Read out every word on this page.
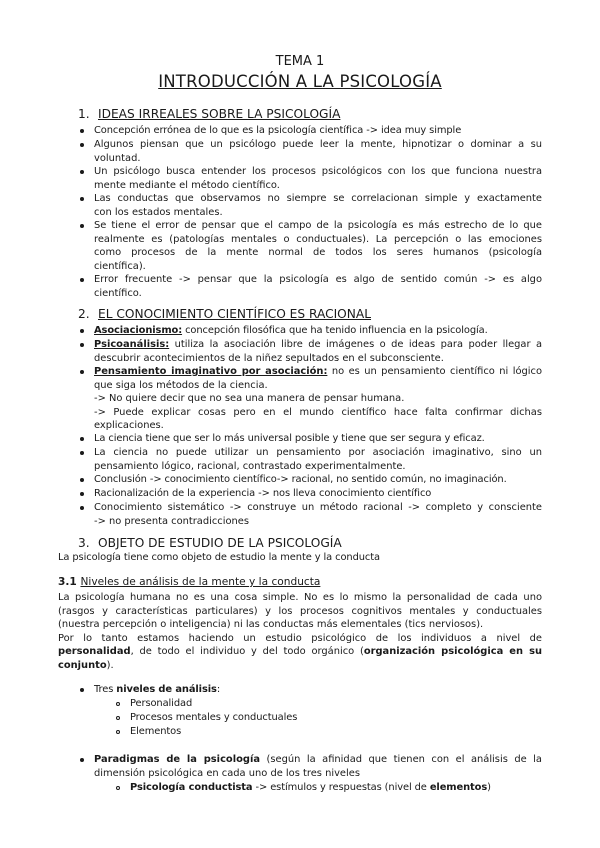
TEMA 1
INTRODUCCIÓN A LA PSICOLOGÍA
1. IDEAS IRREALES SOBRE LA PSICOLOGÍA
Concepción errónea de lo que es la psicología científica -> idea muy simple
Algunos piensan que un psicólogo puede leer la mente, hipnotizar o dominar a su
voluntad.
Un psicólogo busca entender los procesos psicológicos con los que funciona nuestra
mente mediante el método científico.
Las conductas que observamos no siempre se correlacionan simple y exactamente
con los estados mentales.
Se tiene el error de pensar que el campo de la psicología es más estrecho de lo que
realmente es (patologías mentales o conductuales). La percepción o las emociones
como procesos de la mente normal de todos los seres humanos (psicología
científica).
Error frecuente -> pensar que la psicología es algo de sentido común -> es algo
científico.
2. EL CONOCIMIENTO CIENTÍFICO ES RACIONAL
Asociacionismo: concepción filosófica que ha tenido influencia en la psicología.
Psicoanálisis: utiliza la asociación libre de imágenes o de ideas para poder llegar a
descubrir acontecimientos de la niñez sepultados en el subconsciente.
Pensamiento imaginativo por asociación: no es un pensamiento científico ni lógico
que siga los métodos de la ciencia.
-> No quiere decir que no sea una manera de pensar humana.
-> Puede explicar cosas pero en el mundo científico hace falta confirmar dichas
explicaciones.
La ciencia tiene que ser lo más universal posible y tiene que ser segura y eficaz.
La ciencia no puede utilizar un pensamiento por asociación imaginativo, sino un
pensamiento lógico, racional, contrastado experimentalmente.
Conclusión -> conocimiento científico-> racional, no sentido común, no imaginación.
Racionalización de la experiencia -> nos lleva conocimiento científico
Conocimiento sistemático -> construye un método racional -> completo y consciente
-> no presenta contradicciones
3. OBJETO DE ESTUDIO DE LA PSICOLOGÍA
La psicología tiene como objeto de estudio la mente y la conducta
3.1 Niveles de análisis de la mente y la conducta
La psicología humana no es una cosa simple. No es lo mismo la personalidad de cada uno
(rasgos y características particulares) y los procesos cognitivos mentales y conductuales
(nuestra percepción o inteligencia) ni las conductas más elementales (tics nerviosos).
Por lo tanto estamos haciendo un estudio psicológico de los individuos a nivel de
personalidad, de todo el individuo y del todo orgánico (organización psicológica en su
conjunto).
Tres niveles de análisis:
Personalidad
Procesos mentales y conductuales
Elementos
Paradigmas de la psicología (según la afinidad que tienen con el análisis de la
dimensión psicológica en cada uno de los tres niveles
Psicología conductista -> estímulos y respuestas (nivel de elementos)
